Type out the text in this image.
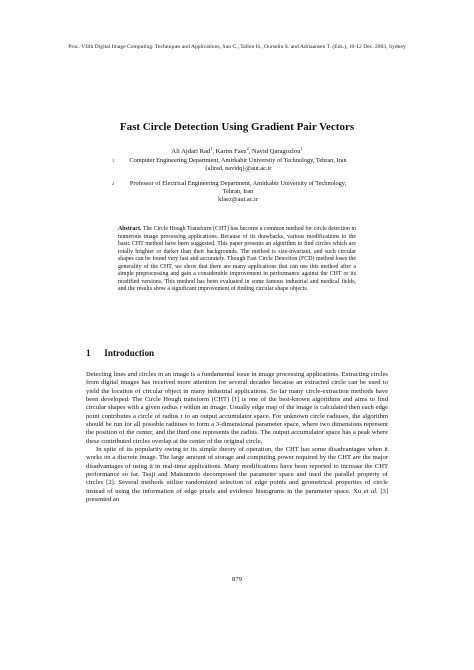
Proc. VIIth Digital Image Computing: Techniques and Applications, Sun C., Talbot H., Ourselin S. and Adriaansen T. (Eds.), 10-12 Dec. 2003, Sydney
Fast Circle Detection Using Gradient Pair Vectors
Ali Ajdari Rad$^1$, Karim Faez$^2$, Navid Qaragozlou$^1$
1	Computer Engineering Department, Amirkabir University of Technology, Tehran, Iran
{alirad, navidq}@aut.ac.ir
2	Professor of Electrical Engineering Department, Amirkabir University of Technology,
Tehran, Iran
kfaez@aut.ac.ir
Abstract. The Circle Hough Transform (CHT) has become a common method for circle detection in numerous image processing applications. Because of its drawbacks, various modifications to the basic CHT method have been suggested. This paper presents an algorithm to find circles which are totally brighter or darker than their backgrounds. The method is size-invariant, and such circular shapes can be found very fast and accurately. Though Fast Circle Detection (FCD) method loses the generality of the CHT, we show that there are many applications that can use this method after a simple preprocessing and gain a considerable improvement in performance against the CHT or its modified versions. This method has been evaluated in some famous industrial and medical fields, and the results show a significant improvement of finding circular shape objects.
1 Introduction

Detecting lines and circles in an image is a fundamental issue in image processing applications. Extracting circles from digital images has received more attention for several decades because an extracted circle can be used to yield the location of circular object in many industrial applications. So far many circle-extraction methods have been developed. The Circle Hough transform (CHT) [1] is one of the best-known algorithms and aims to find circular shapes with a given radius r within an image. Usually edge map of the image is calculated then each edge point contributes a circle of radius r to an output accumulator space. For unknown circle radiuses, the algorithm should be run for all possible radiuses to form a 3-dimensional parameter space, where two dimensions represent the position of the center, and the third one represents the radius. The output accumulator space has a peak where these contributed circles overlap at the center of the original circle.

In spite of its popularity owing to its simple theory of operation, the CHT has some disadvantages when it works on a discrete image. The large amount of storage and computing power required by the CHT are the major disadvantages of using it in real-time applications. Many modifications have been reported to increase the CHT performance so far. Tsuji and Matsumoto decomposed the parameter space and used the parallel property of circles [2]. Several methods utilize randomized selection of edge points and geometrical properties of circle instead of using the information of edge pixels and evidence histograms in the parameter space. Xu et al. [3] presented an

879
